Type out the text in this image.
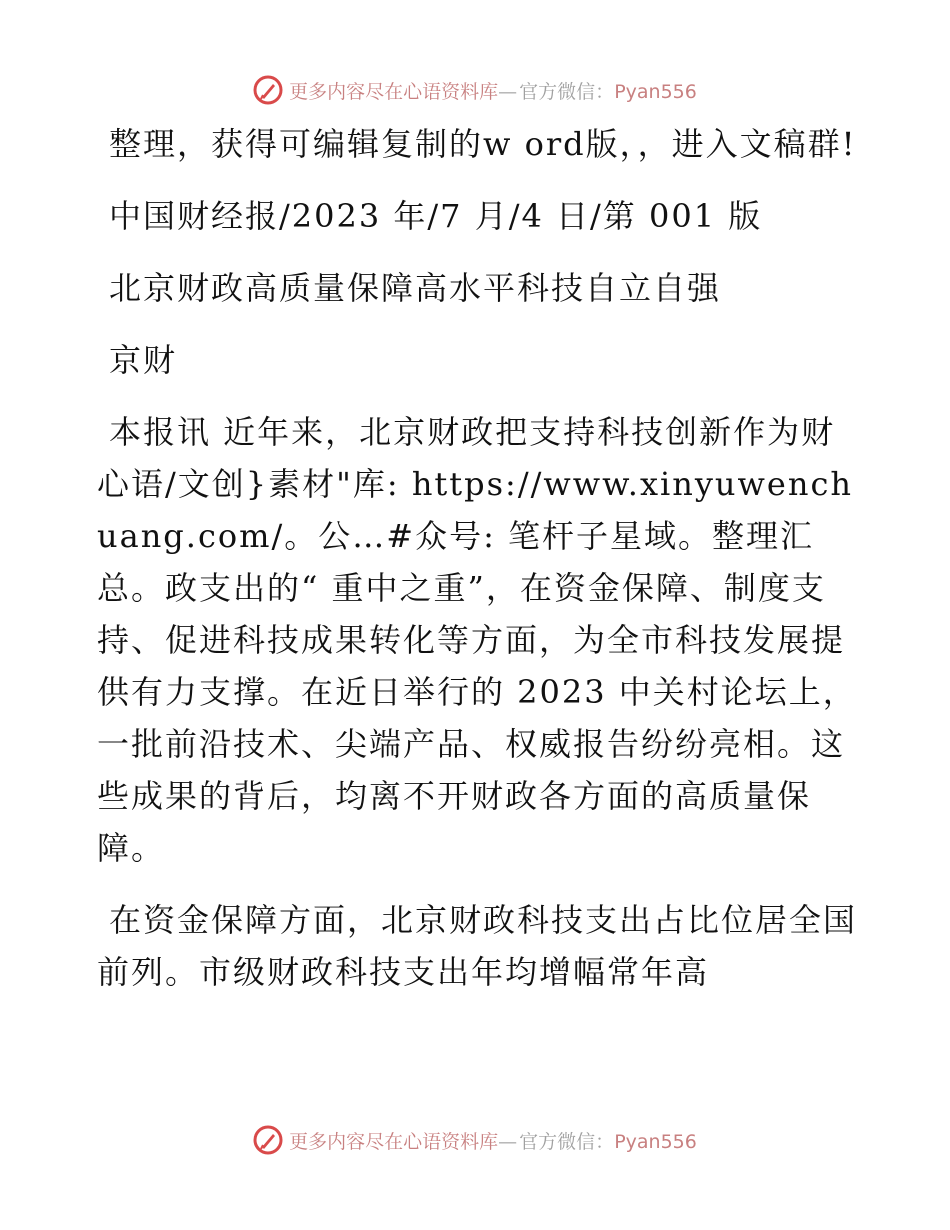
更多内容尽在心语资料库— 官方微信：Pyan556

整理，获得可编辑复制的w ord版，，进入文稿群!

中国财经报/2023 年/7 月/4 日/第 001 版

北京财政高质量保障高水平科技自立自强

京财

本报讯 近年来，北京财政把支持科技创新作为财心语/文创}素材"库: https://www.xinyuwenchuang.com/。公…#众号: 笔杆子星域。整理汇总。政支出的“ 重中之重”，在资金保障、制度支持、促进科技成果转化等方面，为全市科技发展提供有力支撑。在近日举行的 2023 中关村论坛上，一批前沿技术、尖端产品、权威报告纷纷亮相。这些成果的背后，均离不开财政各方面的高质量保障。

在资金保障方面，北京财政科技支出占比位居全国前列。市级财政科技支出年均增幅常年高

更多内容尽在心语资料库— 官方微信：Pyan556
